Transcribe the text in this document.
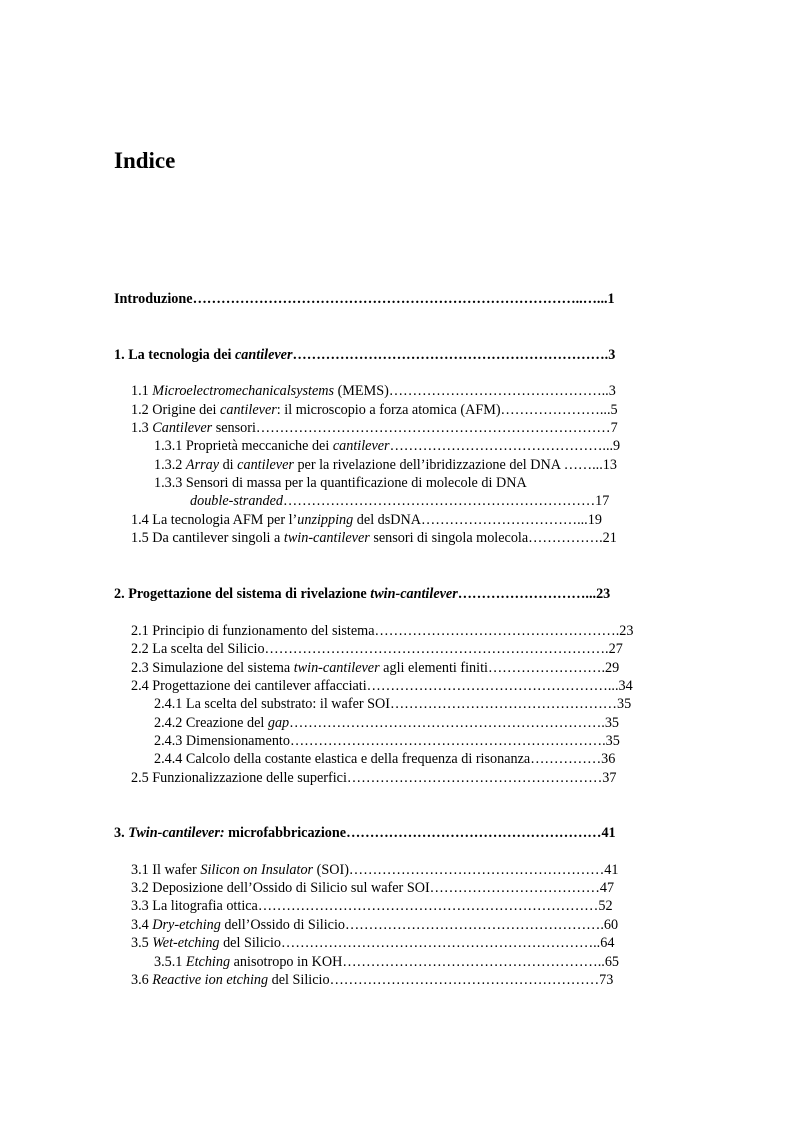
Indice
Introduzione………………………………………………………………………..…...1
1. La tecnologia dei cantilever………………………………………………………….3
1.1 Microelectromechanicalsystems (MEMS)………………………………………..3
1.2 Origine dei cantilever: il microscopio a forza atomica (AFM)…………………...5
1.3 Cantilever sensori…………………………………………………………………7
1.3.1 Proprietà meccaniche dei cantilever………………………………………...9
1.3.2 Array di cantilever per la rivelazione dell’ibridizzazione del DNA ……...13
1.3.3 Sensori di massa per la quantificazione di molecole di DNA
double-stranded…………………………………………………………17
1.4 La tecnologia AFM per l’unzipping del dsDNA……………………………...19
1.5 Da cantilever singoli a twin-cantilever sensori di singola molecola…………….21
2. Progettazione del sistema di rivelazione twin-cantilever………………………...23
2.1 Principio di funzionamento del sistema…………………………………………….23
2.2 La scelta del Silicio……………………………………………………………….27
2.3 Simulazione del sistema twin-cantilever agli elementi finiti…………………….29
2.4 Progettazione dei cantilever affacciati……………………………………………...34
2.4.1 La scelta del substrato: il wafer SOI…………………………………………35
2.4.2 Creazione del gap………………………………………………………….35
2.4.3 Dimensionamento………………………………………………………….35
2.4.4 Calcolo della costante elastica e della frequenza di risonanza……………36
2.5 Funzionalizzazione delle superfici………………………………………………37
3. Twin-cantilever: microfabbricazione………………………………………………41
3.1 Il wafer Silicon on Insulator (SOI)………………………………………………41
3.2 Deposizione dell’Ossido di Silicio sul wafer SOI………………………………47
3.3 La litografia ottica………………………………………………………………52
3.4 Dry-etching dell’Ossido di Silicio……………………………………………….60
3.5 Wet-etching del Silicio…………………………………………………………..64
3.5.1 Etching anisotropo in KOH………………………………………………..65
3.6 Reactive ion etching del Silicio…………………………………………………73
